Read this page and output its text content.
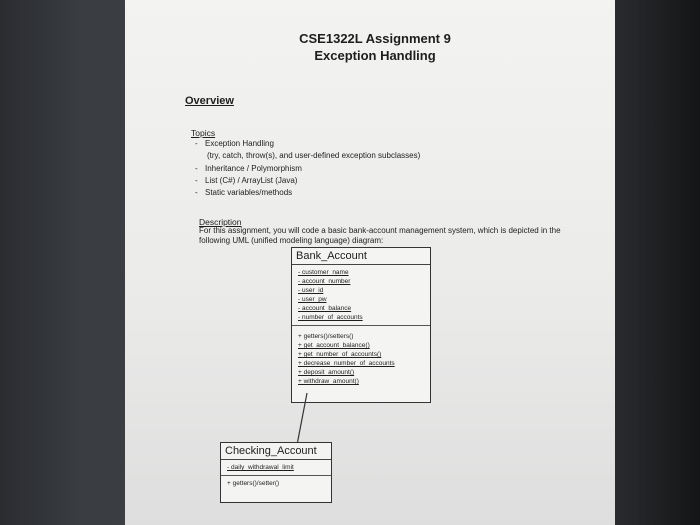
CSE1322L Assignment 9
Exception Handling
Overview
Topics
- Exception Handling
(try, catch, throw(s), and user-defined exception subclasses)
- Inheritance / Polymorphism
- List (C#) / ArrayList (Java)
- Static variables/methods
Description
For this assignment, you will code a basic bank-account management system, which is depicted in the following UML (unified modeling language) diagram:
Bank_Account
- customer_name
- account_number
- user_id
- user_pw
- account_balance
- number_of_accounts
+ getters()/setters()
+ get_account_balance()
+ get_number_of_accounts()
+ decrease_number_of_accounts
+ deposit_amount()
+ withdraw_amount()
Checking_Account
- daily_withdrawal_limit
+ getters()/setter()
